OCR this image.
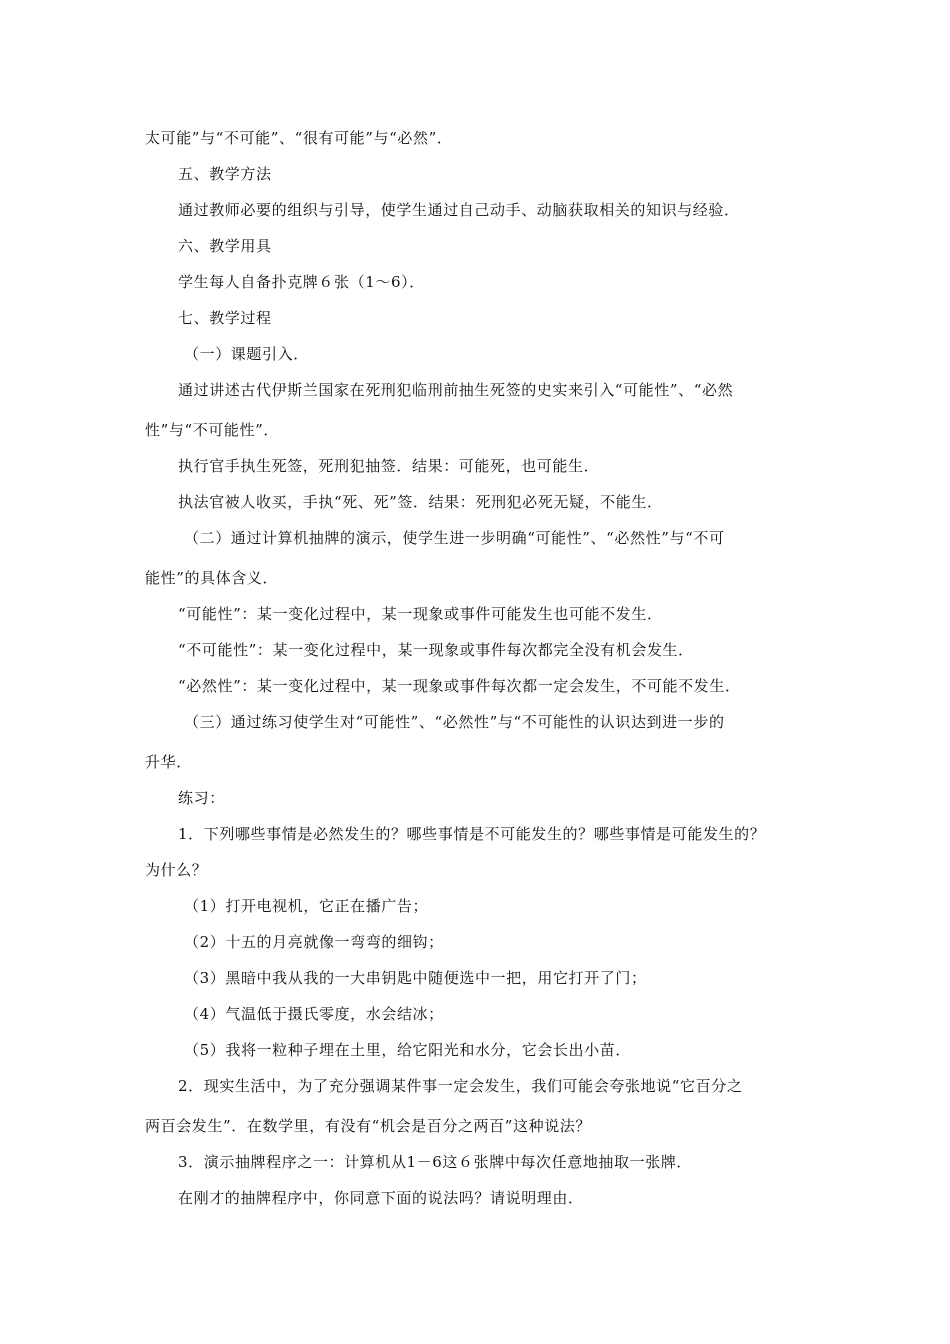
太可能”与“不可能”、“很有可能”与“必然”．
五、教学方法
通过教师必要的组织与引导，使学生通过自己动手、动脑获取相关的知识与经验．
六、教学用具
学生每人自备扑克牌６张（1～6）．
七、教学过程
（一）课题引入．
通过讲述古代伊斯兰国家在死刑犯临刑前抽生死签的史实来引入“可能性”、“必然
性”与“不可能性”．
执行官手执生死签，死刑犯抽签．结果：可能死，也可能生．
执法官被人收买，手执“死、死”签．结果：死刑犯必死无疑，不能生．
（二）通过计算机抽牌的演示，使学生进一步明确“可能性”、“必然性”与“不可
能性”的具体含义．
“可能性”：某一变化过程中，某一现象或事件可能发生也可能不发生．
“不可能性”：某一变化过程中，某一现象或事件每次都完全没有机会发生．
“必然性”：某一变化过程中，某一现象或事件每次都一定会发生，不可能不发生．
（三）通过练习使学生对“可能性”、“必然性”与“不可能性的认识达到进一步的
升华．
练习：
1．下列哪些事情是必然发生的？哪些事情是不可能发生的？哪些事情是可能发生的？
为什么？
（1）打开电视机，它正在播广告；
（2）十五的月亮就像一弯弯的细钩；
（3）黑暗中我从我的一大串钥匙中随便选中一把，用它打开了门；
（4）气温低于摄氏零度，水会结冰；
（5）我将一粒种子埋在土里，给它阳光和水分，它会长出小苗．
2．现实生活中，为了充分强调某件事一定会发生，我们可能会夸张地说“它百分之
两百会发生”．在数学里，有没有“机会是百分之两百”这种说法？
3．演示抽牌程序之一：计算机从1－6这６张牌中每次任意地抽取一张牌．
在刚才的抽牌程序中，你同意下面的说法吗？请说明理由．
